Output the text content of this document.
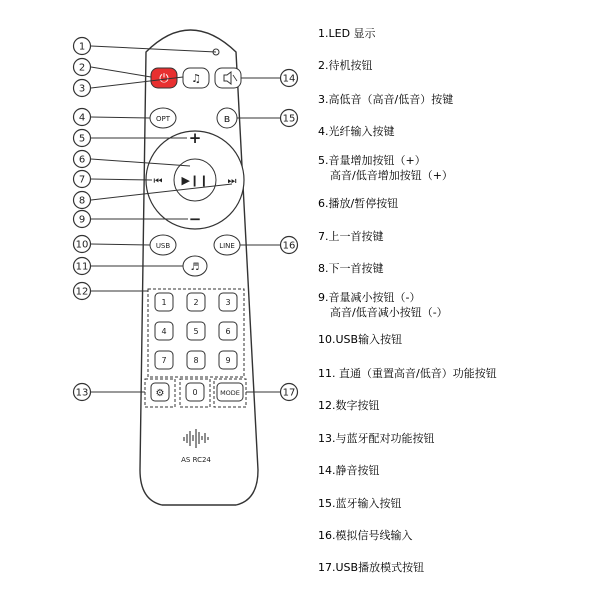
⏻ ♫
OPT	ʙ
▶❙❙
+
−
⏮	⏭
USB	LINE
♬
1	2	3
4	5	6
7	8	9
0
⚙	MODE
AS RC24
1
2
3
4
5
6
7
8
9
10
11
12
13
14
15
16
17
1.LED 显示
2.待机按钮
3.高低音（高音/低音）按键
4.光纤输入按键
5.音量增加按钮（+）
高音/低音增加按钮（+）
6.播放/暂停按钮
7.上一首按键
8.下一首按键
9.音量减小按钮（-）
高音/低音减小按钮（-）
10.USB输入按钮
11. 直通（重置高音/低音）功能按钮
12.数字按钮
13.与蓝牙配对功能按钮
14.静音按钮
15.蓝牙输入按钮
16.模拟信号线输入
17.USB播放模式按钮
